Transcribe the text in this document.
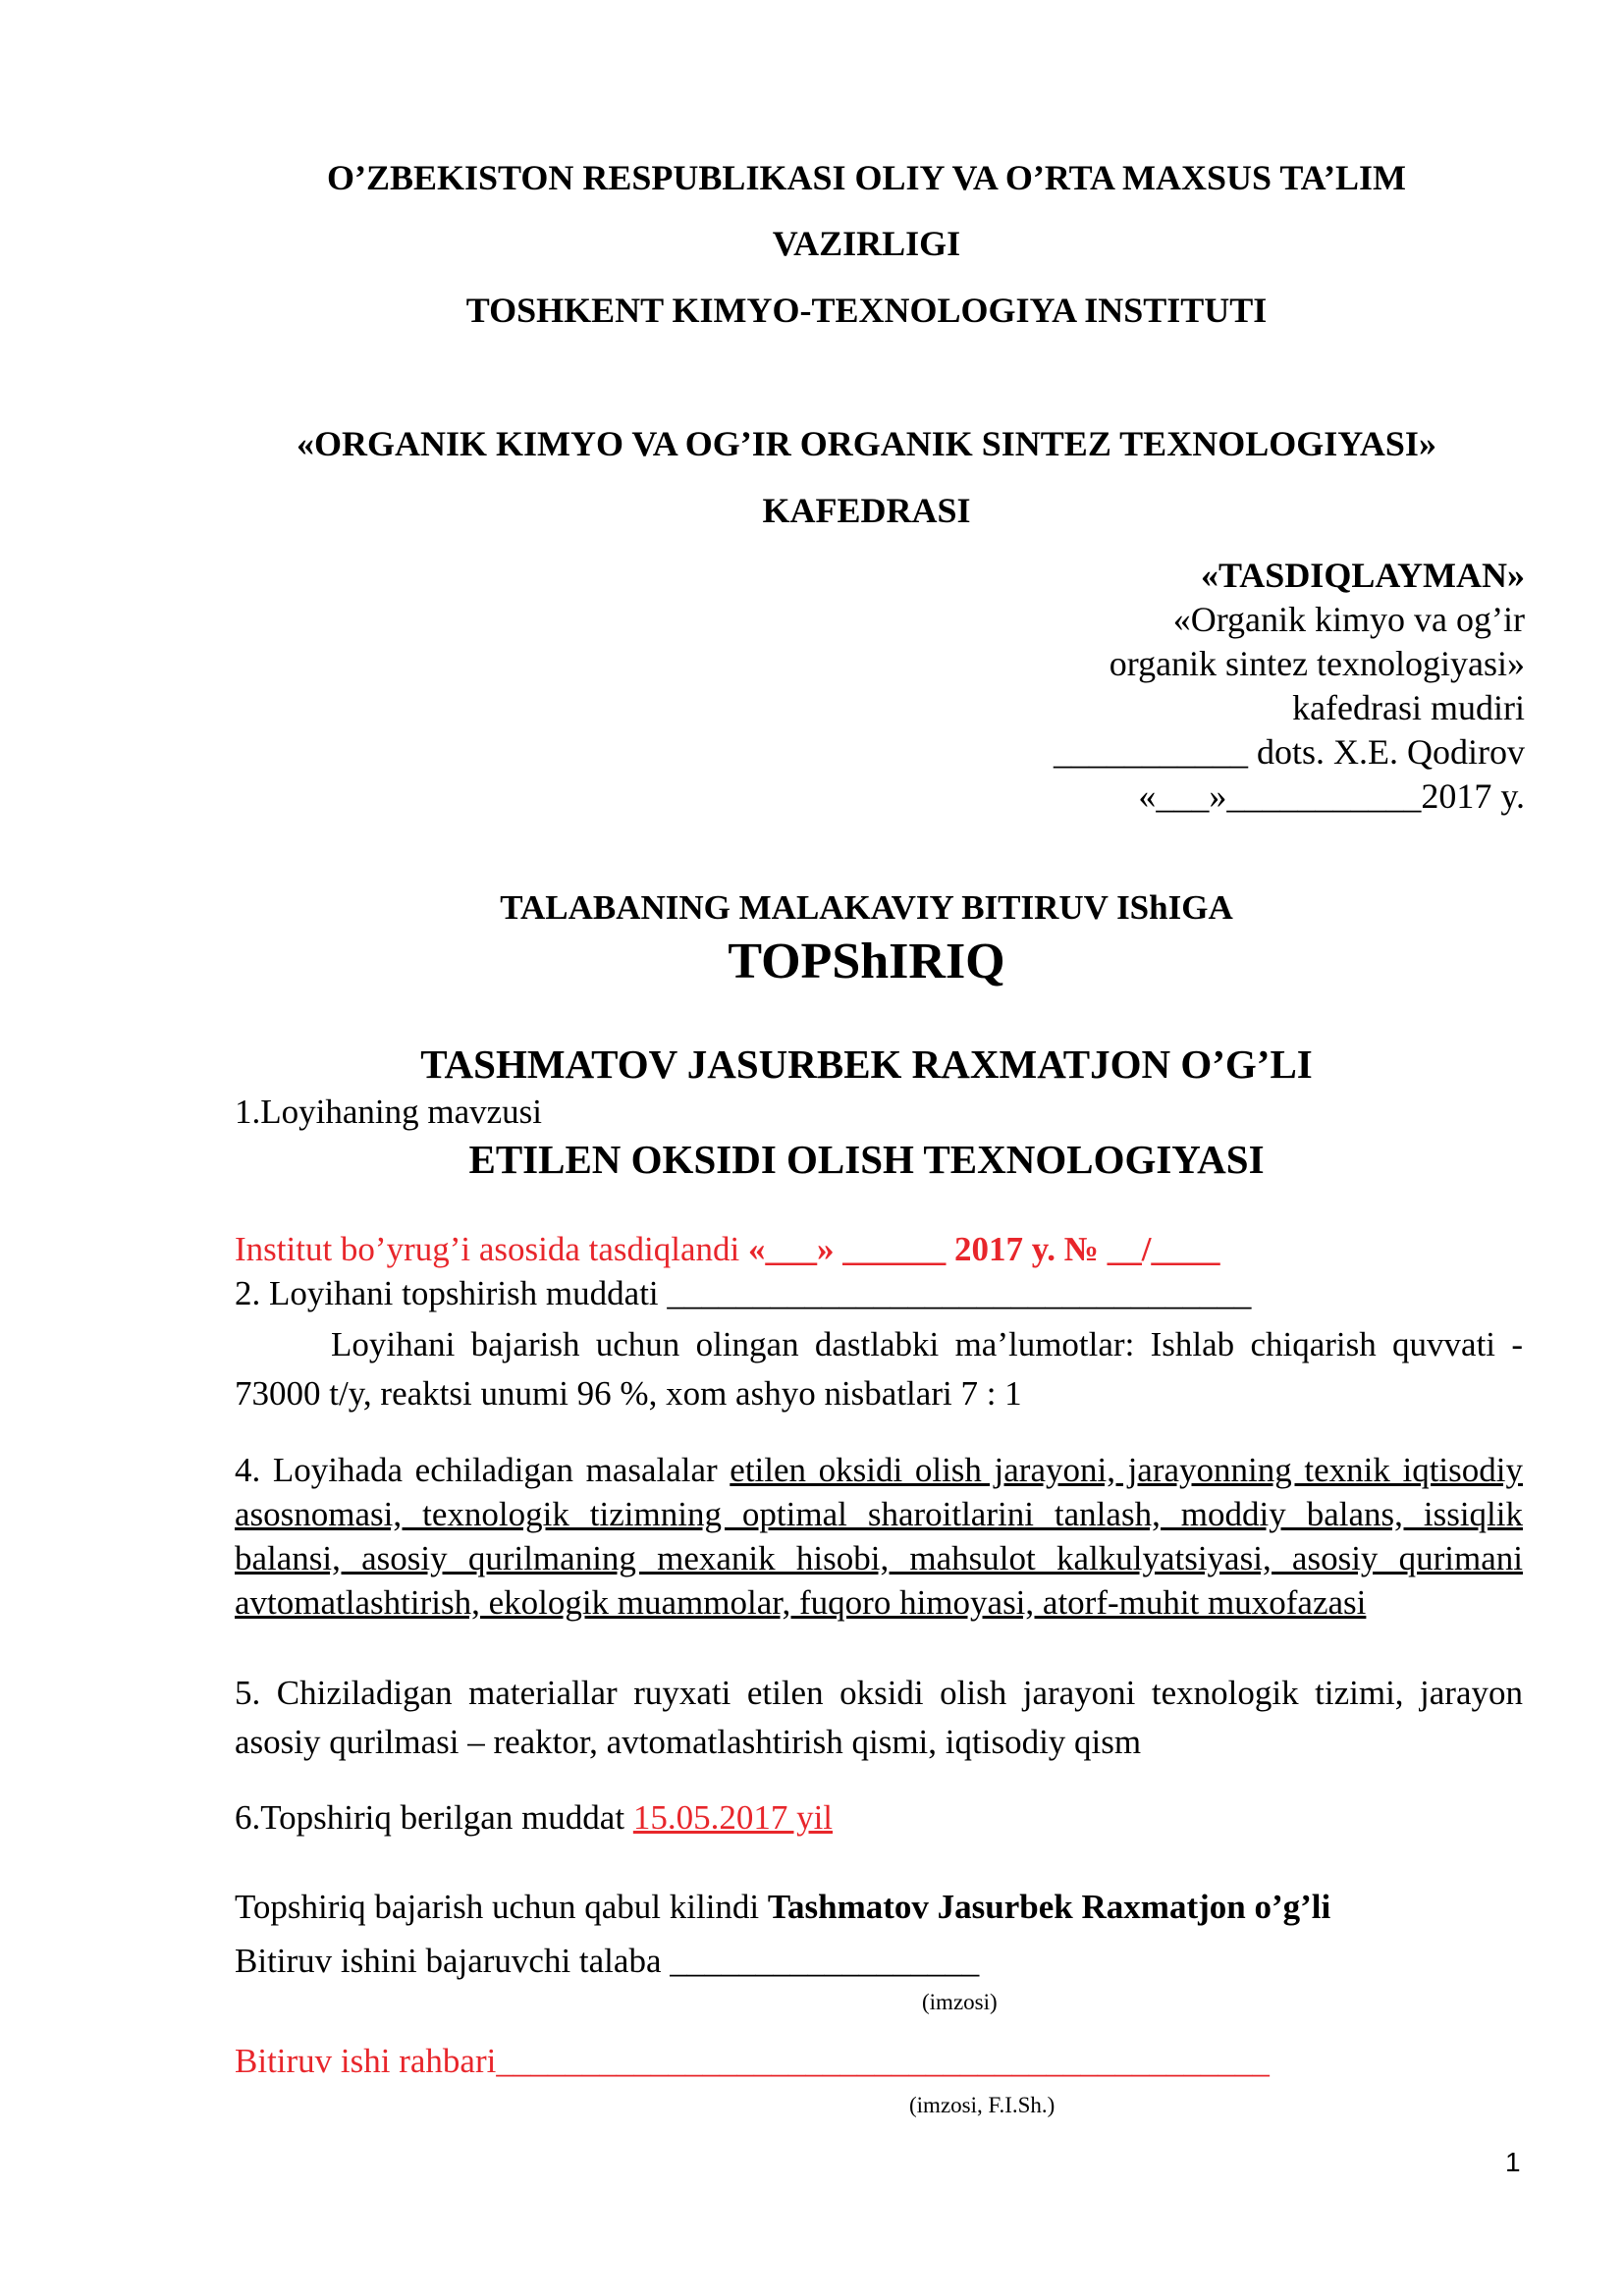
O’ZBEKISTON RESPUBLIKASI OLIY VA O’RTA MAXSUS TA’LIM
VAZIRLIGI
TOSHKENT KIMYO-TEXNOLOGIYA INSTITUTI
«ORGANIK KIMYO VA OG’IR ORGANIK SINTEZ TEXNOLOGIYASI»
KAFEDRASI
«TASDIQLAYMAN»
«Organik kimyo va og’ir
organik sintez texnologiyasi»
kafedrasi mudiri
___________ dots. X.E. Qodirov
«___»___________2017 y.
TALABANING MALAKAVIY BITIRUV IShIGA
TOPShIRIQ
TASHMATOV JASURBEK RAXMATJON O’G’LI
1.Loyihaning mavzusi
ETILEN OKSIDI OLISH TEXNOLOGIYASI
Institut bo’yrug’i asosida tasdiqlandi «___» ______ 2017 y. № __/____
2. Loyihani topshirish muddati __________________________________
Loyihani bajarish uchun olingan dastlabki ma’lumotlar: Ishlab chiqarish quvvati - 73000 t/y, reaktsi unumi 96 %, xom ashyo nisbatlari 7 : 1
4. Loyihada echiladigan masalalar etilen oksidi olish jarayoni, jarayonning texnik iqtisodiy asosnomasi, texnologik tizimning optimal sharoitlarini tanlash, moddiy balans, issiqlik balansi, asosiy qurilmaning mexanik hisobi, mahsulot kalkulyatsiyasi, asosiy qurimani avtomatlashtirish, ekologik muammolar, fuqoro himoyasi, atorf-muhit muxofazasi
5. Chiziladigan materiallar ruyxati etilen oksidi olish jarayoni texnologik tizimi, jarayon asosiy qurilmasi – reaktor, avtomatlashtirish qismi, iqtisodiy qism
6.Topshiriq berilgan muddat 15.05.2017 yil
Topshiriq bajarish uchun qabul kilindi Tashmatov Jasurbek Raxmatjon o’g’li
Bitiruv ishini bajaruvchi talaba __________________
(imzosi)
Bitiruv ishi rahbari_____________________________________________
(imzosi, F.I.Sh.)
1
